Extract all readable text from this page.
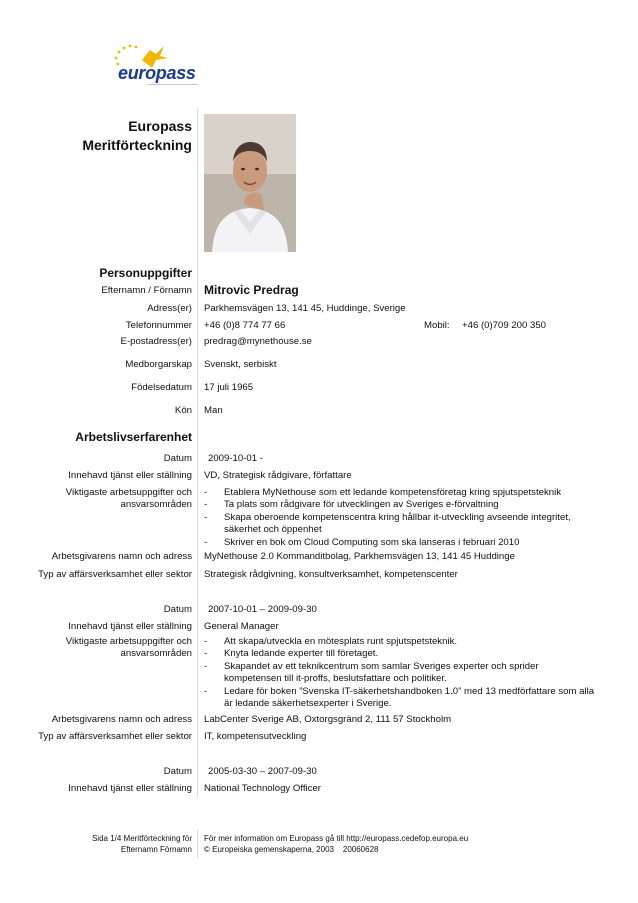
europass
Europass
Meritförteckning
Personuppgifter
Efternamn / Förnamn Mitrovic Predrag
Adress(er) Parkhemsvägen 13, 141 45, Huddinge, Sverige
Telefonnummer +46 (0)8 774 77 66	Mobil: +46 (0)709 200 350
E-postadress(er) predrag@mynethouse.se
Medborgarskap Svenskt, serbiskt
Födelsedatum 17 juli 1965
Kön Man
Arbetslivserfarenhet
Datum 2009-10-01 -
Innehavd tjänst eller ställning VD, Strategisk rådgivare, författare
Viktigaste arbetsuppgifter och
ansvarsområden
- Etablera MyNethouse som ett ledande kompetensföretag kring spjutspetsteknik
- Ta plats som rådgivare för utvecklingen av Sveriges e-förvaltning
- Skapa oberoende kompetenscentra kring hållbar it-utveckling avseende integritet, säkerhet och öppenhet
- Skriver en bok om Cloud Computing som ska lanseras i februari 2010
Arbetsgivarens namn och adress MyNethouse 2.0 Kommanditbolag, Parkhemsvägen 13, 141 45 Huddinge
Typ av affärsverksamhet eller sektor Strategisk rådgivning, konsultverksamhet, kompetenscenter
Datum 2007-10-01 – 2009-09-30
Innehavd tjänst eller ställning General Manager
Viktigaste arbetsuppgifter och
ansvarsområden
- Att skapa/utveckla en mötesplats runt spjutspetsteknik.
- Knyta ledande experter till företaget.
- Skapandet av ett teknikcentrum som samlar Sveriges experter och sprider kompetensen till it-proffs, beslutsfattare och politiker.
- Ledare för boken ”Svenska IT-säkerhetshandboken 1.0” med 13 medförfattare som alla är ledande säkerhetsexperter i Sverige.
Arbetsgivarens namn och adress LabCenter Sverige AB, Oxtorgsgränd 2, 111 57 Stockholm
Typ av affärsverksamhet eller sektor IT, kompetensutveckling
Datum 2005-03-30 – 2007-09-30
Innehavd tjänst eller ställning National Technology Officer
Sida 1/4 Meritförteckning för
Efternamn Förnamn
För mer information om Europass gå till http://europass.cedefop.europa.eu
© Europeiska gemenskaperna, 2003    20060628
